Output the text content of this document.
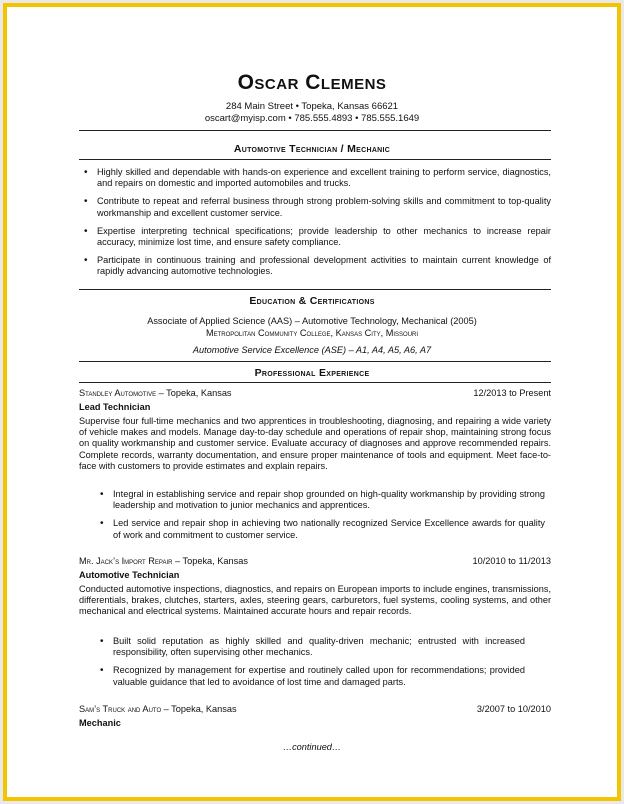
Oscar Clemens
284 Main Street • Topeka, Kansas 66621
oscart@myisp.com • 785.555.4893 • 785.555.1649
Automotive Technician / Mechanic
• Highly skilled and dependable with hands-on experience and excellent training to perform service, diagnostics, and repairs on domestic and imported automobiles and trucks.
• Contribute to repeat and referral business through strong problem-solving skills and commitment to top-quality workmanship and excellent customer service.
• Expertise interpreting technical specifications; provide leadership to other mechanics to increase repair accuracy, minimize lost time, and ensure safety compliance.
• Participate in continuous training and professional development activities to maintain current knowledge of rapidly advancing automotive technologies.
Education & Certifications
Associate of Applied Science (AAS) – Automotive Technology, Mechanical (2005)
Metropolitan Community College, Kansas City, Missouri
Automotive Service Excellence (ASE) – A1, A4, A5, A6, A7
Professional Experience
Standley Automotive – Topeka, Kansas	12/2013 to Present
Lead Technician
Supervise four full-time mechanics and two apprentices in troubleshooting, diagnosing, and repairing a wide variety of vehicle makes and models. Manage day-to-day schedule and operations of repair shop, maintaining strong focus on quality workmanship and customer service. Evaluate accuracy of diagnoses and approve recommended repairs. Complete records, warranty documentation, and ensure proper maintenance of tools and equipment. Meet face-to-face with customers to provide estimates and explain repairs.
• Integral in establishing service and repair shop grounded on high-quality workmanship by providing strong leadership and motivation to junior mechanics and apprentices.
• Led service and repair shop in achieving two nationally recognized Service Excellence awards for quality of work and commitment to customer service.
Mr. Jack’s Import Repair – Topeka, Kansas	10/2010 to 11/2013
Automotive Technician
Conducted automotive inspections, diagnostics, and repairs on European imports to include engines, transmissions, differentials, brakes, clutches, starters, axles, steering gears, carburetors, fuel systems, cooling systems, and other mechanical and electrical systems. Maintained accurate hours and repair records.
• Built solid reputation as highly skilled and quality-driven mechanic; entrusted with increased responsibility, often supervising other mechanics.
• Recognized by management for expertise and routinely called upon for recommendations; provided valuable guidance that led to avoidance of lost time and damaged parts.
Sam’s Truck and Auto – Topeka, Kansas	3/2007 to 10/2010
Mechanic
…continued…
